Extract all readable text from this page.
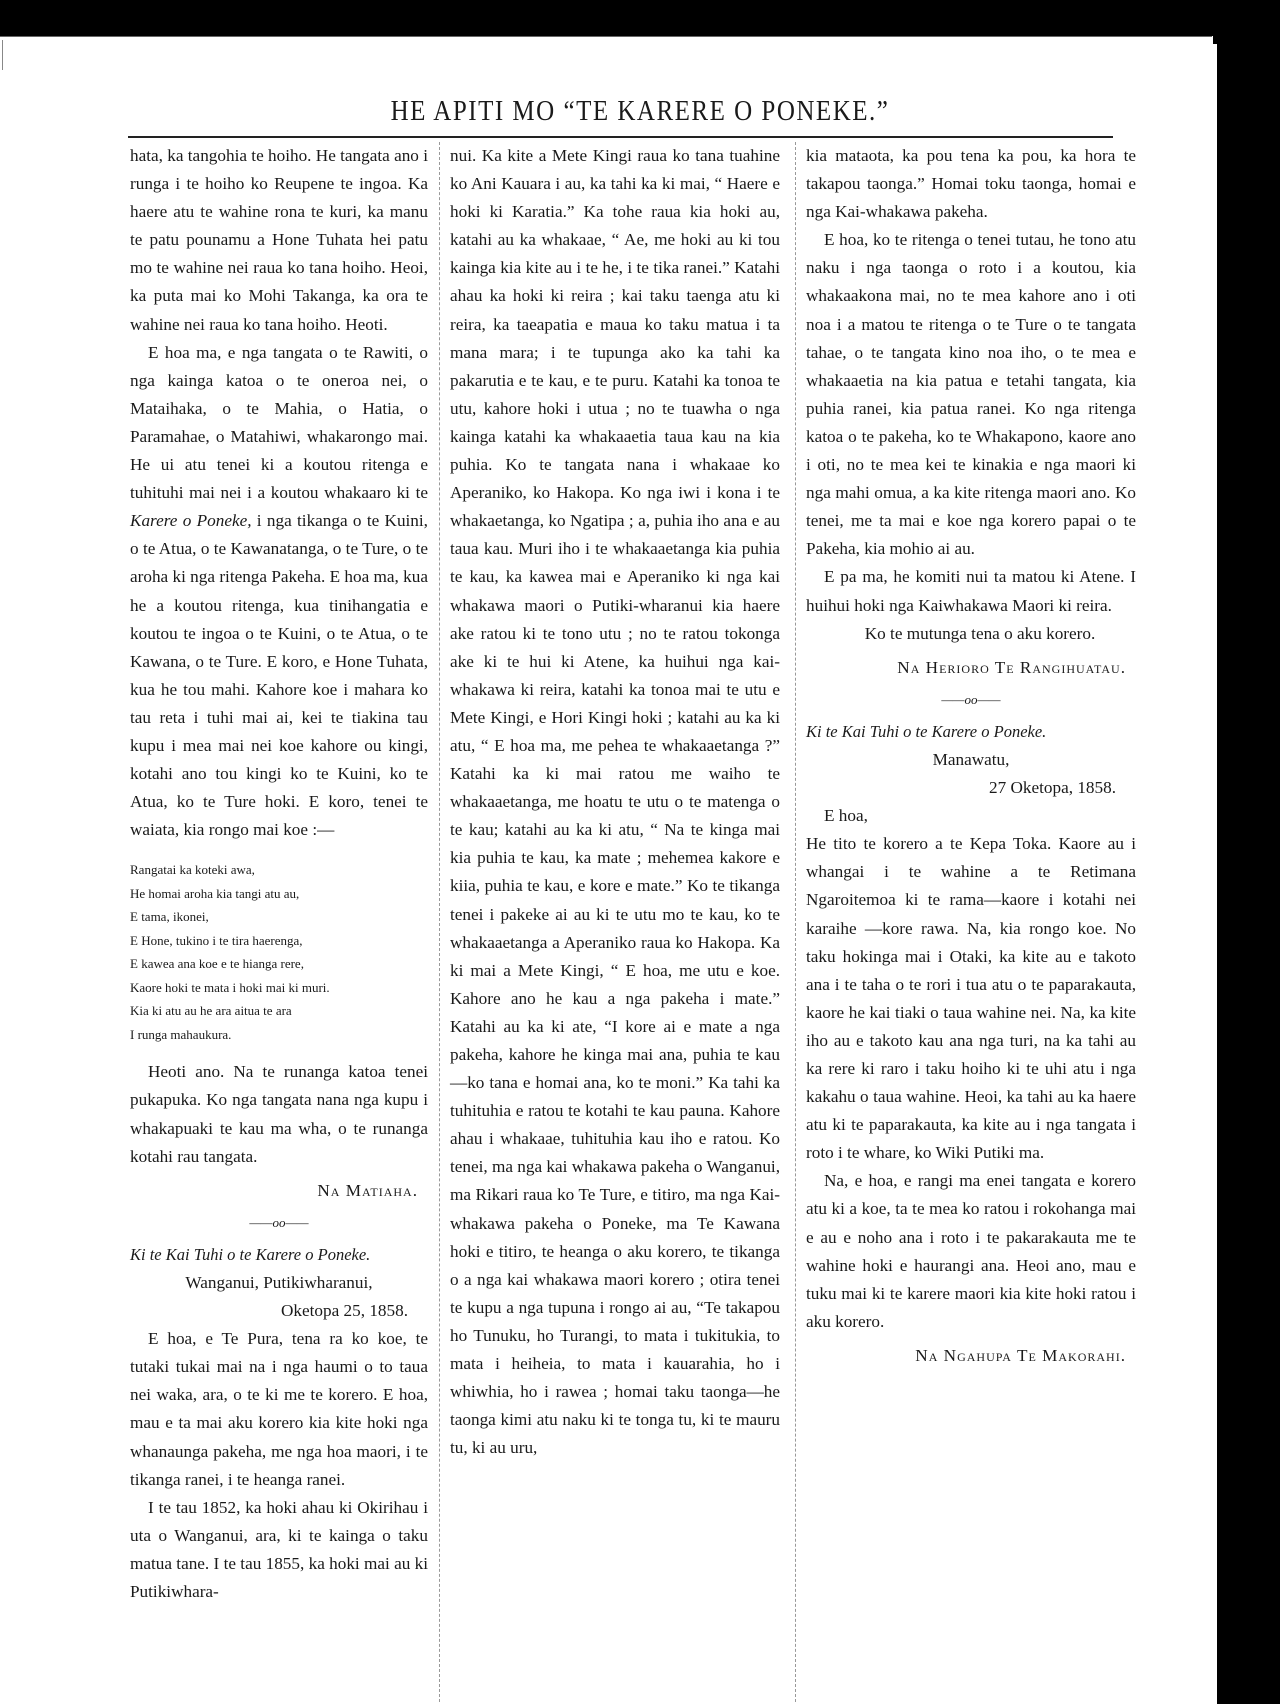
HE APITI MO “TE KARERE O PONEKE.”

hata, ka tangohia te hoiho. He tangata ano i runga i te hoiho ko Reupene te ingoa. Ka haere atu te wahine rona te kuri, ka manu te patu pounamu a Hone Tuhata hei patu mo te wahine nei raua ko tana hoiho. Heoi, ka puta mai ko Mohi Takanga, ka ora te wahine nei raua ko tana hoiho. Heoti.

E hoa ma, e nga tangata o te Rawiti, o nga kainga katoa o te oneroa nei, o Mataihaka, o te Mahia, o Hatia, o Paramahae, o Matahiwi, whakarongo mai. He ui atu tenei ki a koutou ritenga e tuhituhi mai nei i a koutou whakaaro ki te Karere o Poneke, i nga tikanga o te Kuini, o te Atua, o te Kawanatanga, o te Ture, o te aroha ki nga ritenga Pakeha. E hoa ma, kua he a koutou ritenga, kua tinihangatia e koutou te ingoa o te Kuini, o te Atua, o te Kawana, o te Ture. E koro, e Hone Tuhata, kua he tou mahi. Kahore koe i mahara ko tau reta i tuhi mai ai, kei te tiakina tau kupu i mea mai nei koe kahore ou kingi, kotahi ano tou kingi ko te Kuini, ko te Atua, ko te Ture hoki. E koro, tenei te waiata, kia rongo mai koe :—

Rangatai ka koteki awa,
He homai aroha kia tangi atu au,
E tama, ikonei,
E Hone, tukino i te tira haerenga,
E kawea ana koe e te hianga rere,
Kaore hoki te mata i hoki mai ki muri.
Kia ki atu au he ara aitua te ara
I runga mahaukura.

Heoti ano. Na te runanga katoa tenei pukapuka. Ko nga tangata nana nga kupu i whakapuaki te kau ma wha, o te runanga kotahi rau tangata.

Na Matiaha.
——oo——
Ki te Kai Tuhi o te Karere o Poneke.
Wanganui, Putikiwharanui,
Oketopa 25, 1858.

E hoa, e Te Pura, tena ra ko koe, te tutaki tukai mai na i nga haumi o to taua nei waka, ara, o te ki me te korero. E hoa, mau e ta mai aku korero kia kite hoki nga whanaunga pakeha, me nga hoa maori, i te tikanga ranei, i te heanga ranei.

I te tau 1852, ka hoki ahau ki Okirihau i uta o Wanganui, ara, ki te kainga o taku matua tane. I te tau 1855, ka hoki mai au ki Putikiwhara-

nui. Ka kite a Mete Kingi raua ko tana tuahine ko Ani Kauara i au, ka tahi ka ki mai, “ Haere e hoki ki Karatia.” Ka tohe raua kia hoki au, katahi au ka whakaae, “ Ae, me hoki au ki tou kainga kia kite au i te he, i te tika ranei.” Katahi ahau ka hoki ki reira ; kai taku taenga atu ki reira, ka taeapatia e maua ko taku matua i ta mana mara; i te tupunga ako ka tahi ka pakarutia e te kau, e te puru. Katahi ka tonoa te utu, kahore hoki i utua ; no te tuawha o nga kainga katahi ka whakaaetia taua kau na kia puhia. Ko te tangata nana i whakaae ko Aperaniko, ko Hakopa. Ko nga iwi i kona i te whakaetanga, ko Ngatipa ; a, puhia iho ana e au taua kau. Muri iho i te whakaaetanga kia puhia te kau, ka kawea mai e Aperaniko ki nga kai whakawa maori o Putiki-wharanui kia haere ake ratou ki te tono utu ; no te ratou tokonga ake ki te hui ki Atene, ka huihui nga kai-whakawa ki reira, katahi ka tonoa mai te utu e Mete Kingi, e Hori Kingi hoki ; katahi au ka ki atu, “ E hoa ma, me pehea te whakaaetanga ?” Katahi ka ki mai ratou me waiho te whakaaetanga, me hoatu te utu o te matenga o te kau; katahi au ka ki atu, “ Na te kinga mai kia puhia te kau, ka mate ; mehemea kakore e kiia, puhia te kau, e kore e mate.” Ko te tikanga tenei i pakeke ai au ki te utu mo te kau, ko te whakaaetanga a Aperaniko raua ko Hakopa. Ka ki mai a Mete Kingi, “ E hoa, me utu e koe. Kahore ano he kau a nga pakeha i mate.” Katahi au ka ki ate, “I kore ai e mate a nga pakeha, kahore he kinga mai ana, puhia te kau—ko tana e homai ana, ko te moni.” Ka tahi ka tuhituhia e ratou te kotahi te kau pauna. Kahore ahau i whakaae, tuhituhia kau iho e ratou. Ko tenei, ma nga kai whakawa pakeha o Wanganui, ma Rikari raua ko Te Ture, e titiro, ma nga Kai-whakawa pakeha o Poneke, ma Te Kawana hoki e titiro, te heanga o aku korero, te tikanga o a nga kai whakawa maori korero ; otira tenei te kupu a nga tupuna i rongo ai au, “Te takapou ho Tunuku, ho Turangi, to mata i tukitukia, to mata i heiheia, to mata i kauarahia, ho i whiwhia, ho i rawea ; homai taku taonga—he taonga kimi atu naku ki te tonga tu, ki te mauru tu, ki au uru,

kia mataota, ka pou tena ka pou, ka hora te takapou taonga.” Homai toku taonga, homai e nga Kai-whakawa pakeha.

E hoa, ko te ritenga o tenei tutau, he tono atu naku i nga taonga o roto i a koutou, kia whakaakona mai, no te mea kahore ano i oti noa i a matou te ritenga o te Ture o te tangata tahae, o te tangata kino noa iho, o te mea e whakaaetia na kia patua e tetahi tangata, kia puhia ranei, kia patua ranei. Ko nga ritenga katoa o te pakeha, ko te Whakapono, kaore ano i oti, no te mea kei te kinakia e nga maori ki nga mahi omua, a ka kite ritenga maori ano. Ko tenei, me ta mai e koe nga korero papai o te Pakeha, kia mohio ai au.

E pa ma, he komiti nui ta matou ki Atene. I huihui hoki nga Kaiwhakawa Maori ki reira.

Ko te mutunga tena o aku korero.

Na Herioro Te Rangihuatau.
——oo——
Ki te Kai Tuhi o te Karere o Poneke.
Manawatu,
27 Oketopa, 1858.
E hoa,

He tito te korero a te Kepa Toka. Kaore au i whangai i te wahine a te Retimana Ngaroitemoa ki te rama—kaore i kotahi nei karaihe —kore rawa. Na, kia rongo koe. No taku hokinga mai i Otaki, ka kite au e takoto ana i te taha o te rori i tua atu o te paparakauta, kaore he kai tiaki o taua wahine nei. Na, ka kite iho au e takoto kau ana nga turi, na ka tahi au ka rere ki raro i taku hoiho ki te uhi atu i nga kakahu o taua wahine. Heoi, ka tahi au ka haere atu ki te paparakauta, ka kite au i nga tangata i roto i te whare, ko Wiki Putiki ma.

Na, e hoa, e rangi ma enei tangata e korero atu ki a koe, ta te mea ko ratou i rokohanga mai e au e noho ana i roto i te pakarakauta me te wahine hoki e haurangi ana. Heoi ano, mau e tuku mai ki te karere maori kia kite hoki ratou i aku korero.

Na Ngahupa Te Makorahi.
